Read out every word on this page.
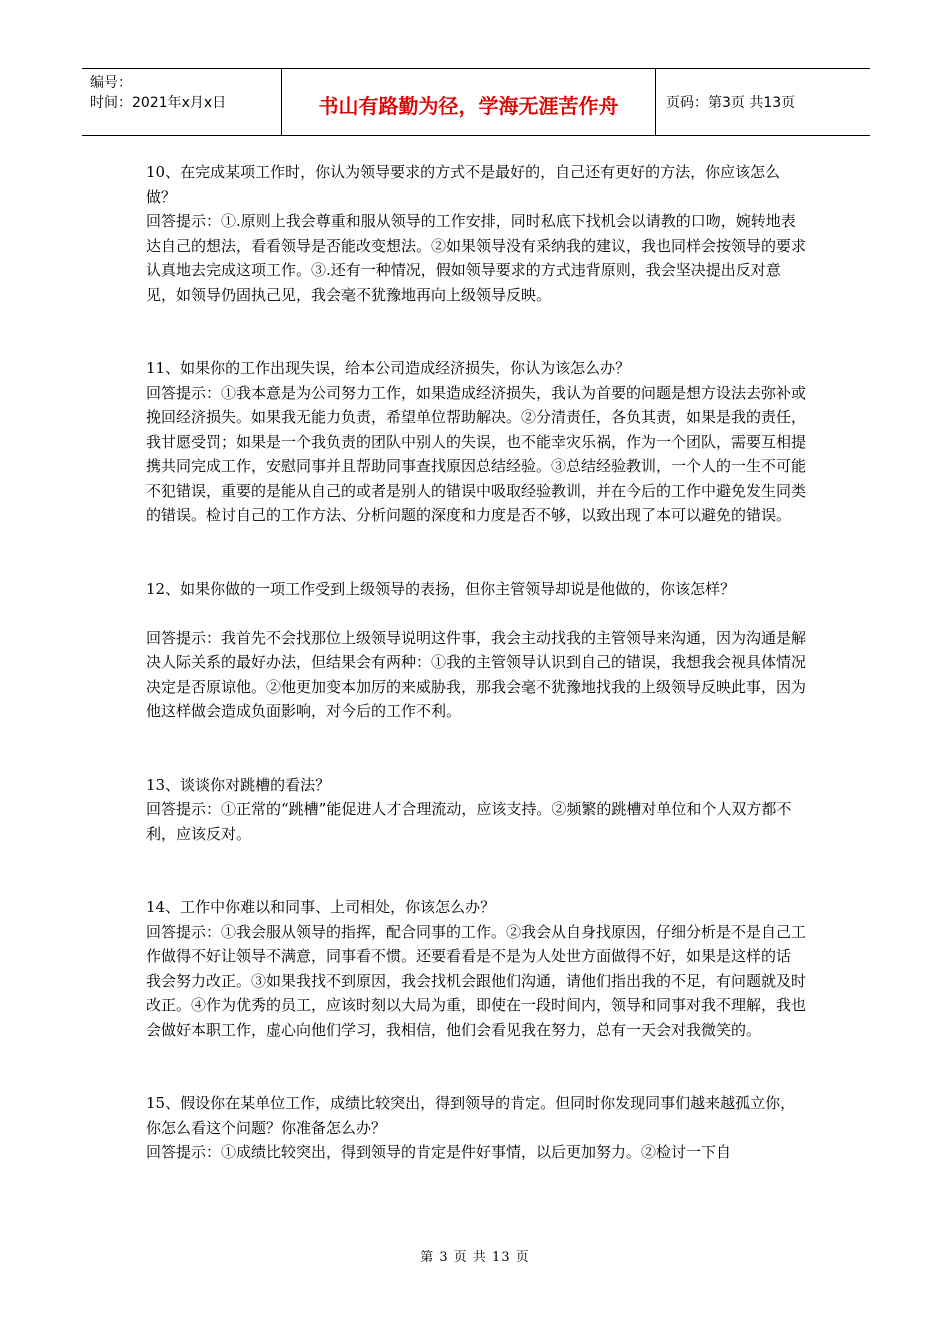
编号：
时间：2021年x月x日	书山有路勤为径，学海无涯苦作舟	页码：第3页 共13页

10、在完成某项工作时，你认为领导要求的方式不是最好的，自己还有更好的方法，你应该怎么做？

回答提示：①.原则上我会尊重和服从领导的工作安排，同时私底下找机会以请教的口吻，婉转地表达自己的想法，看看领导是否能改变想法。②如果领导没有采纳我的建议，我也同样会按领导的要求认真地去完成这项工作。③.还有一种情况，假如领导要求的方式违背原则，我会坚决提出反对意见，如领导仍固执己见，我会毫不犹豫地再向上级领导反映。

11、如果你的工作出现失误，给本公司造成经济损失，你认为该怎么办？

回答提示：①我本意是为公司努力工作，如果造成经济损失，我认为首要的问题是想方设法去弥补或挽回经济损失。如果我无能力负责，希望单位帮助解决。②分清责任，各负其责，如果是我的责任，我甘愿受罚；如果是一个我负责的团队中别人的失误，也不能幸灾乐祸，作为一个团队，需要互相提携共同完成工作，安慰同事并且帮助同事查找原因总结经验。③总结经验教训，一个人的一生不可能不犯错误，重要的是能从自己的或者是别人的错误中吸取经验教训，并在今后的工作中避免发生同类的错误。检讨自己的工作方法、分析问题的深度和力度是否不够，以致出现了本可以避免的错误。

12、如果你做的一项工作受到上级领导的表扬，但你主管领导却说是他做的，你该怎样？

回答提示：我首先不会找那位上级领导说明这件事，我会主动找我的主管领导来沟通，因为沟通是解决人际关系的最好办法，但结果会有两种：①我的主管领导认识到自己的错误，我想我会视具体情况决定是否原谅他。②他更加变本加厉的来威胁我，那我会毫不犹豫地找我的上级领导反映此事，因为他这样做会造成负面影响，对今后的工作不利。

13、谈谈你对跳槽的看法？

回答提示：①正常的“跳槽”能促进人才合理流动，应该支持。②频繁的跳槽对单位和个人双方都不利，应该反对。

14、工作中你难以和同事、上司相处，你该怎么办？

回答提示：①我会服从领导的指挥，配合同事的工作。②我会从自身找原因，仔细分析是不是自己工作做得不好让领导不满意，同事看不惯。还要看看是不是为人处世方面做得不好，如果是这样的话 我会努力改正。③如果我找不到原因，我会找机会跟他们沟通，请他们指出我的不足，有问题就及时改正。④作为优秀的员工，应该时刻以大局为重，即使在一段时间内，领导和同事对我不理解，我也会做好本职工作，虚心向他们学习，我相信，他们会看见我在努力，总有一天会对我微笑的。

15、假设你在某单位工作，成绩比较突出，得到领导的肯定。但同时你发现同事们越来越孤立你，你怎么看这个问题？你准备怎么办？

回答提示：①成绩比较突出，得到领导的肯定是件好事情，以后更加努力。②检讨一下自

第 3 页 共 13 页
